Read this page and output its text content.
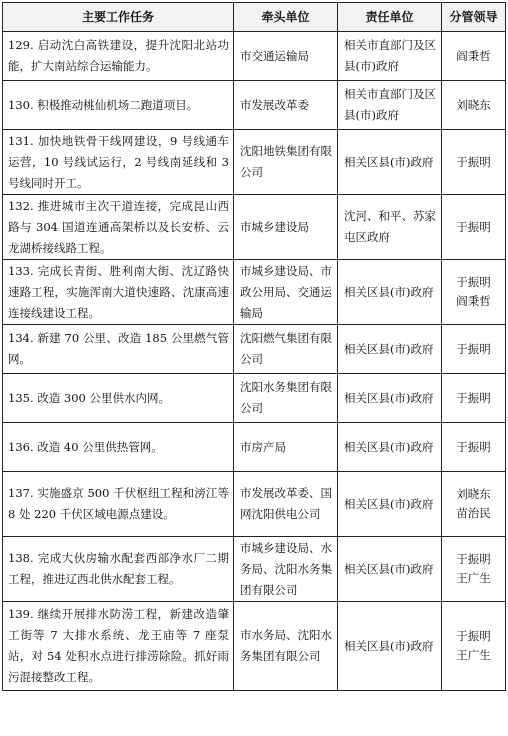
主要工作任务	牵头单位	责任单位	分管领导
129. 启动沈白高铁建设，提升沈阳北站功能，扩大南站综合运输能力。	市交通运输局	相关市直部门及区县(市)政府	阎秉哲

130. 积极推动桃仙机场二跑道项目。	市发展改革委	相关市直部门及区县(市)政府	刘晓东

131. 加快地铁骨干线网建设，9 号线通车运营，10 号线试运行，2 号线南延线和 3 号线同时开工。	沈阳地铁集团有限公司	相关区县(市)政府	于振明

132. 推进城市主次干道连接，完成昆山西路与 304 国道连通高架桥以及长安桥、云龙湖桥接线路工程。	市城乡建设局	沈河、和平、苏家屯区政府	于振明

133. 完成长青街、胜利南大街、沈辽路快速路工程，实施浑南大道快速路、沈康高速连接线建设工程。	市城乡建设局、市政公用局、交通运输局	相关区县(市)政府	于振明
阎秉哲

134. 新建 70 公里、改造 185 公里燃气管网。	沈阳燃气集团有限公司	相关区县(市)政府	于振明

135. 改造 300 公里供水内网。	沈阳水务集团有限公司	相关区县(市)政府	于振明

136. 改造 40 公里供热管网。	市房产局	相关区县(市)政府	于振明

137. 实施盛京 500 千伏枢纽工程和滂江等 8 处 220 千伏区域电源点建设。	市发展改革委、国网沈阳供电公司	相关区县(市)政府	刘晓东
苗治民

138. 完成大伙房输水配套西部净水厂二期工程，推进辽西北供水配套工程。	市城乡建设局、水务局、沈阳水务集团有限公司	相关区县(市)政府	于振明
王广生

139. 继续开展排水防涝工程，新建改造肇工街等 7 大排水系统、龙王庙等 7 座泵站，对 54 处积水点进行排涝除险。抓好雨污混接整改工程。	市水务局、沈阳水务集团有限公司	相关区县(市)政府	于振明
王广生
